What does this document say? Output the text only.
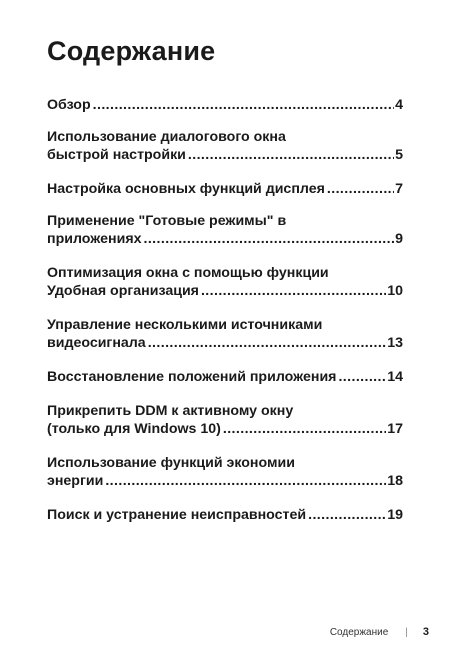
Содержание
Обзор .....	4
Использование диалогового окна
быстрой настройки .....	5
Настройка основных функций дисплея .....	7
Применение "Готовые режимы" в
приложениях .....	9
Оптимизация окна с помощью функции
Удобная организация .....	10
Управление несколькими источниками
видеосигнала .....	13
Восстановление положений приложения .....	14
Прикрепить DDM к активному окну
(только для Windows 10) .....	17
Использование функций экономии
энергии .....	18
Поиск и устранение неисправностей .....	19
Содержание | 3
